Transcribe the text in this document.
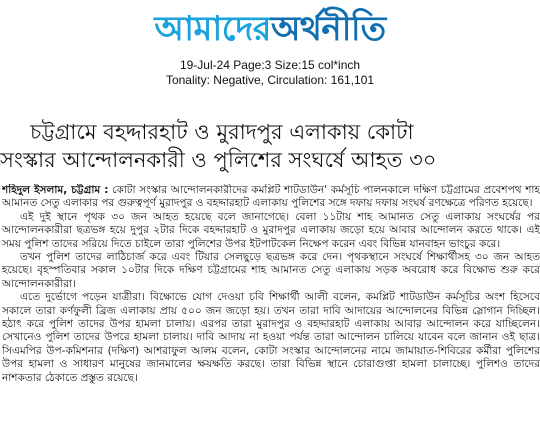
আমাদেরঅর্থনীতি
19-Jul-24 Page:3 Size:15 col*inch
Tonality: Negative, Circulation: 161,101
চট্টগ্রামে বহদ্দারহাট ও মুরাদপুর এলাকায় কোটা
সংস্কার আন্দোলনকারী ও পুলিশের সংঘর্ষে আহত ৩০

শহিদুল ইসলাম, চট্টগ্রাম : কোটা সংস্কার আন্দোলনকারীদের কমপ্লিট শাটডাউন' কর্মসূচি পালনকালে দক্ষিণ চট্টগ্রামের প্রবেশপথ শাহ আমানত সেতু এলাকার পর গুরুত্বপূর্ণ মুরাদপুর ও বহদ্দারহাট এলাকায় পুলিশের সঙ্গে দফায় দফায় সংঘর্ষ রণক্ষেত্রে পরিণত হয়েছে।

এই দুই স্থানে পৃথক ৩০ জন আহত হয়েছে বলে জানাগেছে। বেলা ১১টায় শাহ আমানত সেতু এলাকায় সংঘর্ষের পর আন্দোলনকারীরা ছত্রভঙ্গ হয়ে দুপুর ২টার দিকে বহদ্দারহাট ও মুরাদপুর এলাকায় জড়ো হয়ে আবার আন্দোলন করতে থাকে। এই সময় পুলিশ তাদের সরিয়ে দিতে চাইলে তারা পুলিশের উপর ইটপাটকেল নিক্ষেপ করেন এবং বিভিন্ন যানবাহন ভাংচুর করে।

তখন পুলিশ তাদের লাঠিচার্জ করে এবং টিয়ার সেলছুড়ে ছত্রভঙ্গ করে দেন। পৃথকস্থানে সংঘর্ষে শিক্ষার্থীসহ ৩০ জন আহত হয়েছে। বৃহস্পতিবার সকাল ১০টার দিকে দক্ষিণ চট্টগ্রামের শাহ আমানত সেতু এলাকায় সড়ক অবরোধ করে বিক্ষোভ শুরু করে আন্দোলনকারীরা।

এতে দুর্ভোগে পড়েন যাত্রীরা। বিক্ষোভে যোগ দেওয়া চবি শিক্ষার্থী আলী বলেন, কমপ্লিট শাটডাউন কর্মসূচির অংশ হিসেবে সকালে তারা কর্ণফুলী ব্রিজ এলাকায় প্রায় ৫০০ জন জড়ো হয়। তখন তারা দাবি আদায়ের আন্দোলনের বিভিন্ন স্লোগান দিচ্ছিল। হঠাৎ করে পুলিশ তাদের উপর হামলা চালায়। এরপর তারা মুরাদপুর ও বহদ্দারহাট এলাকায় আবার আন্দোলন করে যাচ্ছিলেন। সেখানেও পুলিশ তাদের উপরে হামলা চালায়। দাবি আদায় না হওয়া পর্যন্ত তারা আন্দোলন চালিয়ে যাবেন বলে জানান ওই ছাত্র। সিএমপির উপ-কমিশনার (দক্ষিণ) আশরাফুল আলম বলেন, কোটা সংস্কার আন্দোলনের নামে জামায়াত-শিবিরের কর্মীরা পুলিশের উপর হামলা ও সাধারণ মানুষের জানমালের ক্ষয়ক্ষতি করছে। তারা বিভিন্ন স্থানে চোরাগুপ্তা হামলা চালাচ্ছে। পুলিশও তাদের নাশকতার ঠেকাতে প্রস্তুত রয়েছে।
